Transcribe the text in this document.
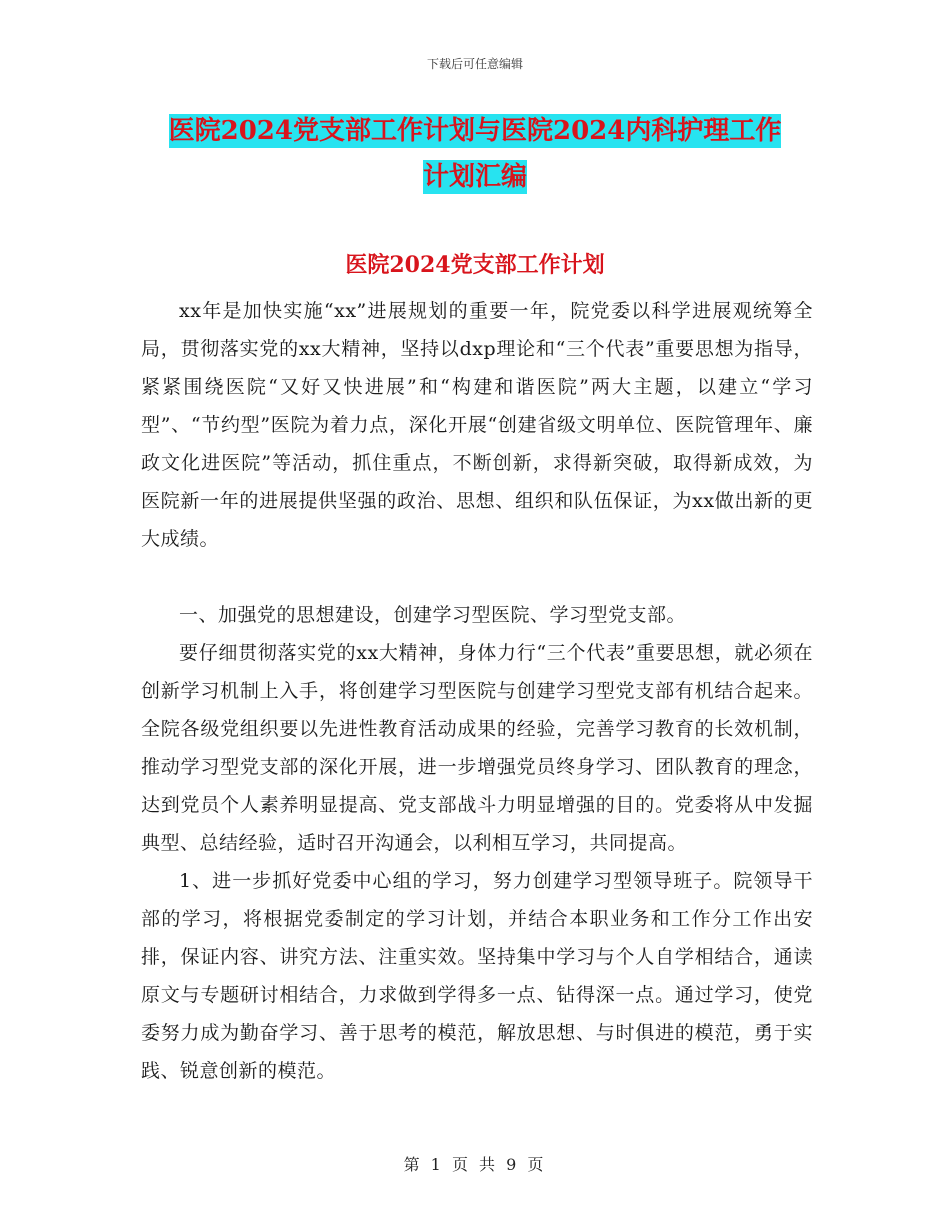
下载后可任意编辑
医院2024党支部工作计划与医院2024内科护理工作
计划汇编
医院2024党支部工作计划

xx年是加快实施“xx”进展规划的重要一年，院党委以科学进展观统筹全局，贯彻落实党的xx大精神，坚持以dxp理论和“三个代表”重要思想为指导，紧紧围绕医院“又好又快进展”和“构建和谐医院”两大主题，以建立“学习型”、“节约型”医院为着力点，深化开展“创建省级文明单位、医院管理年、廉政文化进医院”等活动，抓住重点，不断创新，求得新突破，取得新成效，为医院新一年的进展提供坚强的政治、思想、组织和队伍保证，为xx做出新的更大成绩。

一、加强党的思想建设，创建学习型医院、学习型党支部。

要仔细贯彻落实党的xx大精神，身体力行“三个代表”重要思想，就必须在创新学习机制上入手，将创建学习型医院与创建学习型党支部有机结合起来。全院各级党组织要以先进性教育活动成果的经验，完善学习教育的长效机制，推动学习型党支部的深化开展，进一步增强党员终身学习、团队教育的理念，达到党员个人素养明显提高、党支部战斗力明显增强的目的。党委将从中发掘典型、总结经验，适时召开沟通会，以利相互学习，共同提高。

1、进一步抓好党委中心组的学习，努力创建学习型领导班子。院领导干部的学习，将根据党委制定的学习计划，并结合本职业务和工作分工作出安排，保证内容、讲究方法、注重实效。坚持集中学习与个人自学相结合，通读原文与专题研讨相结合，力求做到学得多一点、钻得深一点。通过学习，使党委努力成为勤奋学习、善于思考的模范，解放思想、与时俱进的模范，勇于实践、锐意创新的模范。

第 1 页 共 9 页
